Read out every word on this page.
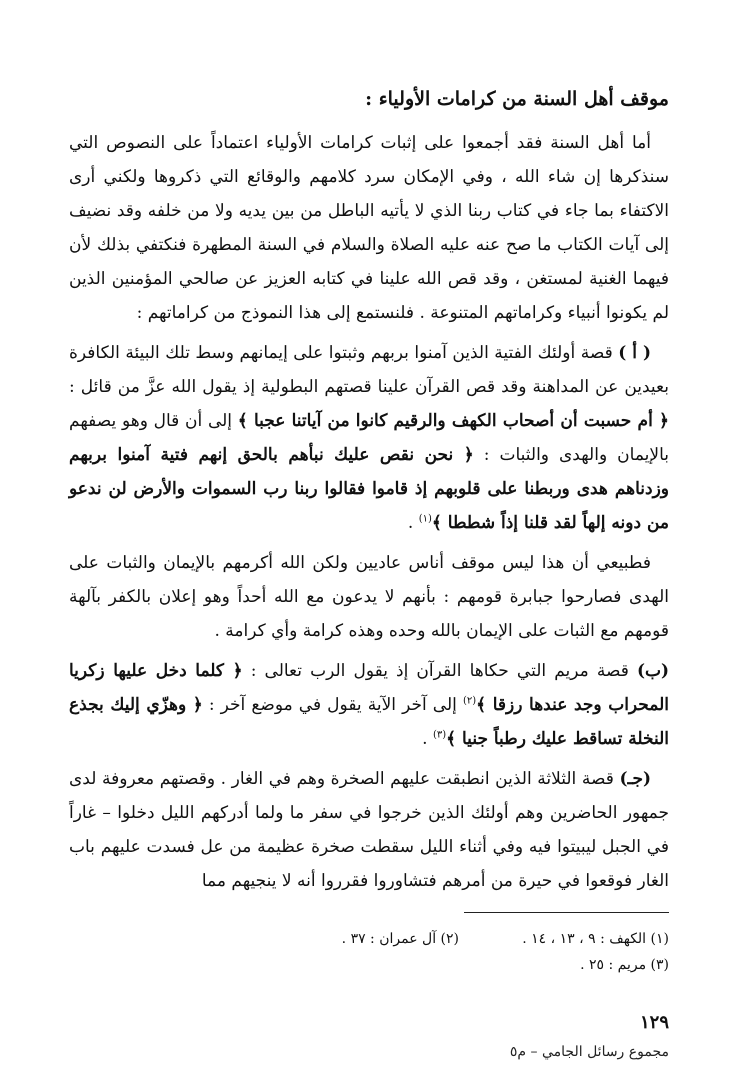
موقف أهل السنة من كرامات الأولياء :

أما أهل السنة فقد أجمعوا على إثبات كرامات الأولياء اعتماداً على النصوص التي سنذكرها إن شاء الله ، وفي الإمكان سرد كلامهم والوقائع التي ذكروها ولكني أرى الاكتفاء بما جاء في كتاب ربنا الذي لا يأتيه الباطل من بين يديه ولا من خلفه وقد نضيف إلى آيات الكتاب ما صح عنه عليه الصلاة والسلام في السنة المطهرة فنكتفي بذلك لأن فيهما الغنية لمستغن ، وقد قص الله علينا في كتابه العزيز عن صالحي المؤمنين الذين لم يكونوا أنبياء وكراماتهم المتنوعة . فلنستمع إلى هذا النموذج من كراماتهم :

( أ ) قصة أولئك الفتية الذين آمنوا بربهم وثبتوا على إيمانهم وسط تلك البيئة الكافرة بعيدين عن المداهنة وقد قص القرآن علينا قصتهم البطولية إذ يقول الله عزَّ من قائل : ﴿ أم حسبت أن أصحاب الكهف والرقيم كانوا من آياتنا عجبا ﴾ إلى أن قال وهو يصفهم بالإيمان والهدى والثبات : ﴿ نحن نقص عليك نبأهم بالحق إنهم فتية آمنوا بربهم وزدناهم هدى وربطنا على قلوبهم إذ قاموا فقالوا ربنا رب السموات والأرض لن ندعو من دونه إلهاً لقد قلنا إذاً شططا ﴾$^{(١)}$ .

فطبيعي أن هذا ليس موقف أناس عاديين ولكن الله أكرمهم بالإيمان والثبات على الهدى فصارحوا جبابرة قومهم : بأنهم لا يدعون مع الله أحداً وهو إعلان بالكفر بآلهة قومهم مع الثبات على الإيمان بالله وحده وهذه كرامة وأي كرامة .

(ب) قصة مريم التي حكاها القرآن إذ يقول الرب تعالى : ﴿ كلما دخل عليها زكريا المحراب وجد عندها رزقا ﴾$^{(٢)}$ إلى آخر الآية يقول في موضع آخر : ﴿ وهزّي إليك بجذع النخلة تساقط عليك رطباً جنيا ﴾$^{(٣)}$ .

(جـ) قصة الثلاثة الذين انطبقت عليهم الصخرة وهم في الغار . وقصتهم معروفة لدى جمهور الحاضرين وهم أولئك الذين خرجوا في سفر ما ولما أدركهم الليل دخلوا – غاراً في الجبل ليبيتوا فيه وفي أثناء الليل سقطت صخرة عظيمة من عل فسدت عليهم باب الغار فوقعوا في حيرة من أمرهم فتشاوروا فقرروا أنه لا ينجيهم مما

(١) الكهف : ٩ ، ١٣ ، ١٤ .
(٢) آل عمران : ٣٧ .
(٣) مريم : ٢٥ .
١٢٩
مجموع رسائل الجامي – م٥
